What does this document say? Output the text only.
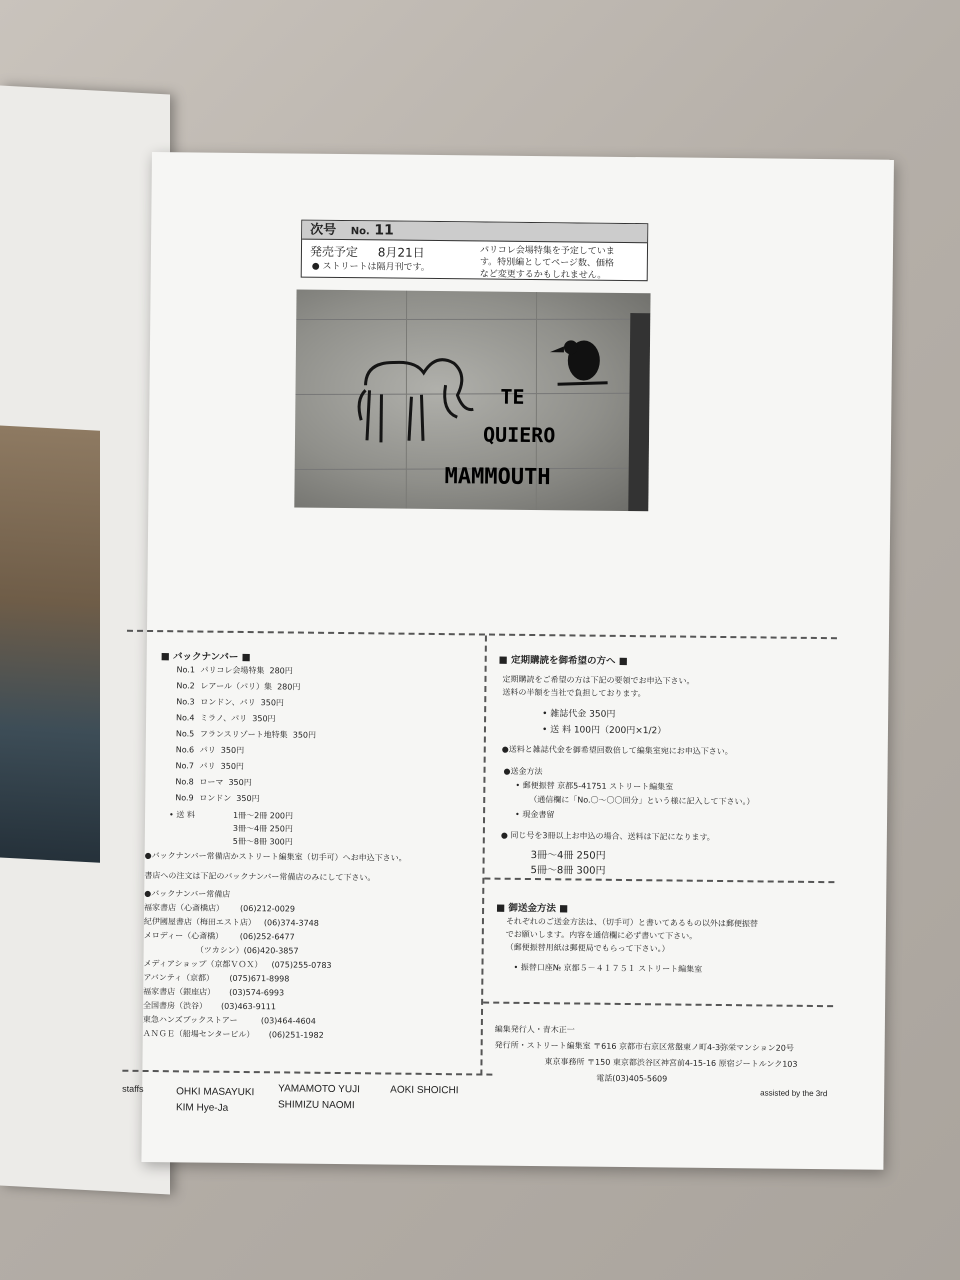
次号 No. 11
発売予定 8月21日
● ストリートは隔月刊です。
パリコレ会場特集を予定していま
す。特別編としてページ数、価格
など変更するかもしれません。
TE
QUIERO
MAMMOUTH
■ バックナンバー ■
No.1 パリコレ会場特集 280円
No.2 レアール（パリ）集 280円
No.3 ロンドン、パリ 350円
No.4 ミラノ、パリ 350円
No.5 フランスリゾート地特集 350円
No.6 パリ 350円
No.7 パリ 350円
No.8 ローマ 350円
No.9 ロンドン 350円
• 送 料	1冊～2冊 200円
3冊～4冊 250円
5冊～8冊 300円
●バックナンバー常備店かストリート編集室（切手可）へお申込下さい。
書店への注文は下記のバックナンバー常備店のみにして下さい。
●バックナンバー常備店
福家書店（心斎橋店） (06)212-0029
紀伊國屋書店（梅田エスト店） (06)374-3748
メロディー（心斎橋） (06)252-6477
（ツカシン）(06)420-3857
メディアショップ（京都ＶＯＸ） (075)255-0783
アバンティ（京都） (075)671-8998
福家書店（銀座店） (03)574-6993
全国書房（渋谷） (03)463-9111
東急ハンズブックストアー	(03)464-4604
ＡＮＧＥ（船場センタービル） (06)251-1982
■ 定期購読を御希望の方へ ■
定期購読をご希望の方は下記の要領でお申込下さい。
送料の半額を当社で負担しております。
• 雑誌代金 350円
• 送 料 100円（200円×1/2）
●送料と雑誌代金を御希望回数倍して編集室宛にお申込下さい。
●送金方法
• 郵便振替 京都5-41751 ストリート編集室
（通信欄に「No.〇～〇〇回分」という様に記入して下さい。）
• 現金書留
● 同じ号を3冊以上お申込の場合、送料は下記になります。
3冊～4冊 250円
5冊～8冊 300円
■ 御送金方法 ■
それぞれのご送金方法は、（切手可）と書いてあるもの以外は郵便振替
でお願いします。内容を通信欄に必ず書いて下さい。
（郵便振替用紙は郵便局でもらって下さい。）
• 振替口座№ 京都５－４１７５１ ストリート編集室
編集発行人・青木正一
発行所・ストリート編集室 〒616 京都市右京区常盤東ノ町4-3弥栄マンション20号
東京事務所 〒150 東京都渋谷区神宮前4-15-16 原宿ジートルンク103
電話(03)405-5609
assisted by the 3rd
staffs	OHKI MASAYUKI
KIM Hye-Ja
YAMAMOTO YUJI
SHIMIZU NAOMI
AOKI SHOICHI
